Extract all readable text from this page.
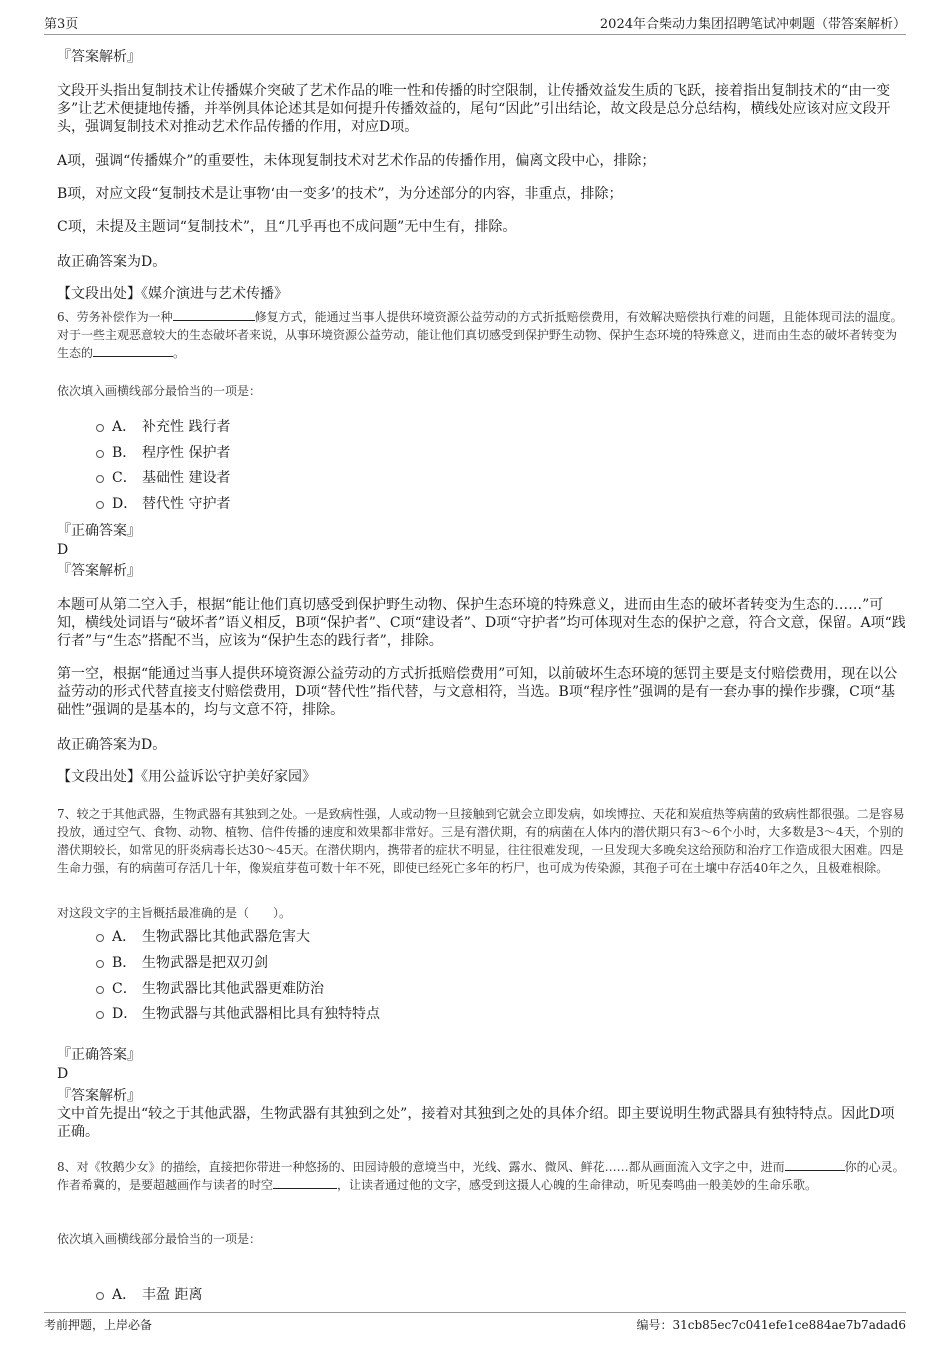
第3页	2024年合柴动力集团招聘笔试冲刺题（带答案解析）
『答案解析』
文段开头指出复制技术让传播媒介突破了艺术作品的唯一性和传播的时空限制，让传播效益发生质的飞跃，接着指出复制技术的“由一变多”让艺术便捷地传播，并举例具体论述其是如何提升传播效益的，尾句“因此”引出结论，故文段是总分总结构，横线处应该对应文段开头，强调复制技术对推动艺术作品传播的作用，对应D项。
A项，强调“传播媒介”的重要性，未体现复制技术对艺术作品的传播作用，偏离文段中心，排除；
B项，对应文段“复制技术是让事物‘由一变多’的技术”，为分述部分的内容，非重点，排除；
C项，未提及主题词“复制技术”，且“几乎再也不成问题”无中生有，排除。
故正确答案为D。
【文段出处】《媒介演进与艺术传播》
6、劳务补偿作为一种	修复方式，能通过当事人提供环境资源公益劳动的方式折抵赔偿费用，有效解决赔偿执行难的问题，且能体现司法的温度。对于一些主观恶意较大的生态破坏者来说，从事环境资源公益劳动，能让他们真切感受到保护野生动物、保护生态环境的特殊意义，进而由生态的破坏者转变为生态的	。
依次填入画横线部分最恰当的一项是：
A． 补充性 践行者
B． 程序性 保护者
C． 基础性 建设者
D． 替代性 守护者
『正确答案』
D
『答案解析』
本题可从第二空入手，根据“能让他们真切感受到保护野生动物、保护生态环境的特殊意义，进而由生态的破坏者转变为生态的……”可知，横线处词语与“破坏者”语义相反，B项“保护者”、C项“建设者”、D项“守护者”均可体现对生态的保护之意，符合文意，保留。A项“践行者”与“生态”搭配不当，应该为“保护生态的践行者”，排除。
第一空，根据“能通过当事人提供环境资源公益劳动的方式折抵赔偿费用”可知，以前破坏生态环境的惩罚主要是支付赔偿费用，现在以公益劳动的形式代替直接支付赔偿费用，D项“替代性”指代替，与文意相符，当选。B项“程序性”强调的是有一套办事的操作步骤，C项“基础性”强调的是基本的，均与文意不符，排除。
故正确答案为D。
【文段出处】《用公益诉讼守护美好家园》
7、较之于其他武器，生物武器有其独到之处。一是致病性强，人或动物一旦接触到它就会立即发病，如埃博拉、天花和炭疽热等病菌的致病性都很强。二是容易投放，通过空气、食物、动物、植物、信件传播的速度和效果都非常好。三是有潜伏期，有的病菌在人体内的潜伏期只有3～6个小时，大多数是3～4天，个别的潜伏期较长，如常见的肝炎病毒长达30～45天。在潜伏期内，携带者的症状不明显，往往很难发现，一旦发现大多晚矣这给预防和治疗工作造成很大困难。四是生命力强，有的病菌可存活几十年，像炭疽芽苞可数十年不死，即使已经死亡多年的朽尸，也可成为传染源，其孢子可在土壤中存活40年之久，且极难根除。
对这段文字的主旨概括最准确的是（　　）。
A． 生物武器比其他武器危害大
B． 生物武器是把双刃剑
C． 生物武器比其他武器更难防治
D． 生物武器与其他武器相比具有独特特点
『正确答案』
D
『答案解析』
文中首先提出“较之于其他武器，生物武器有其独到之处”，接着对其独到之处的具体介绍。即主要说明生物武器具有独特特点。因此D项正确。
8、对《牧鹅少女》的描绘，直接把你带进一种悠扬的、田园诗般的意境当中，光线、露水、微风、鲜花……都从画面流入文字之中，进而	你的心灵。作者希冀的，是要超越画作与读者的时空	，让读者通过他的文字，感受到这摄人心魄的生命律动，听见奏鸣曲一般美妙的生命乐歌。
依次填入画横线部分最恰当的一项是：
A． 丰盈 距离
考前押题，上岸必备	编号：31cb85ec7c041efe1ce884ae7b7adad6
